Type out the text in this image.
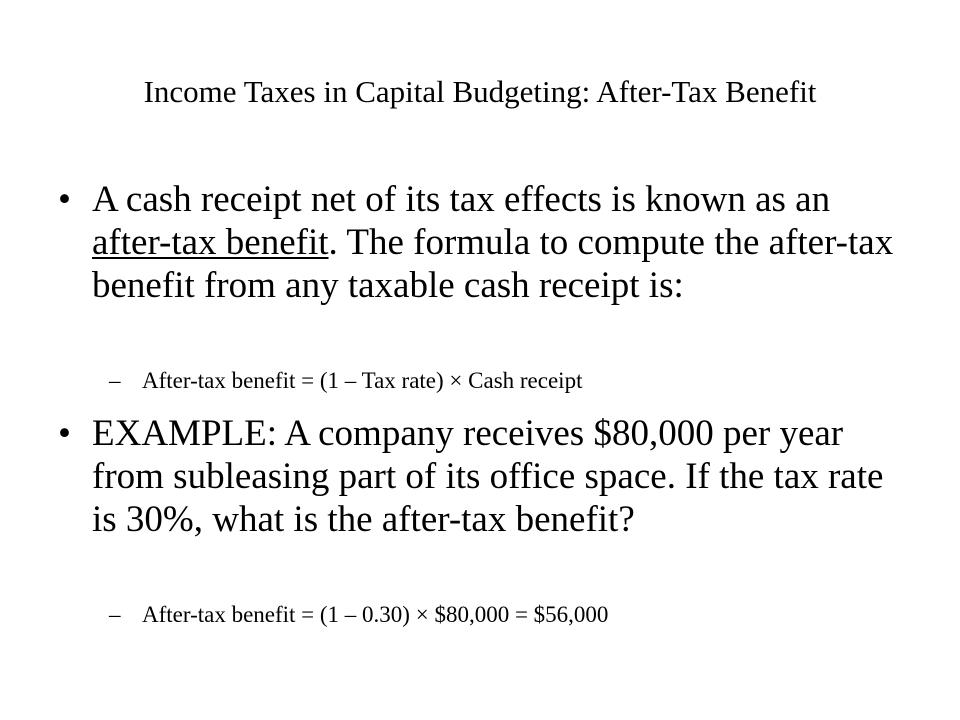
Income Taxes in Capital Budgeting: After-Tax Benefit
• A cash receipt net of its tax effects is known as an after-tax benefit. The formula to compute the after-tax benefit from any taxable cash receipt is:
– After-tax benefit = (1 – Tax rate) × Cash receipt
• EXAMPLE: A company receives $80,000 per year from subleasing part of its office space. If the tax rate is 30%, what is the after-tax benefit?
– After-tax benefit = (1 – 0.30) × $80,000 = $56,000
